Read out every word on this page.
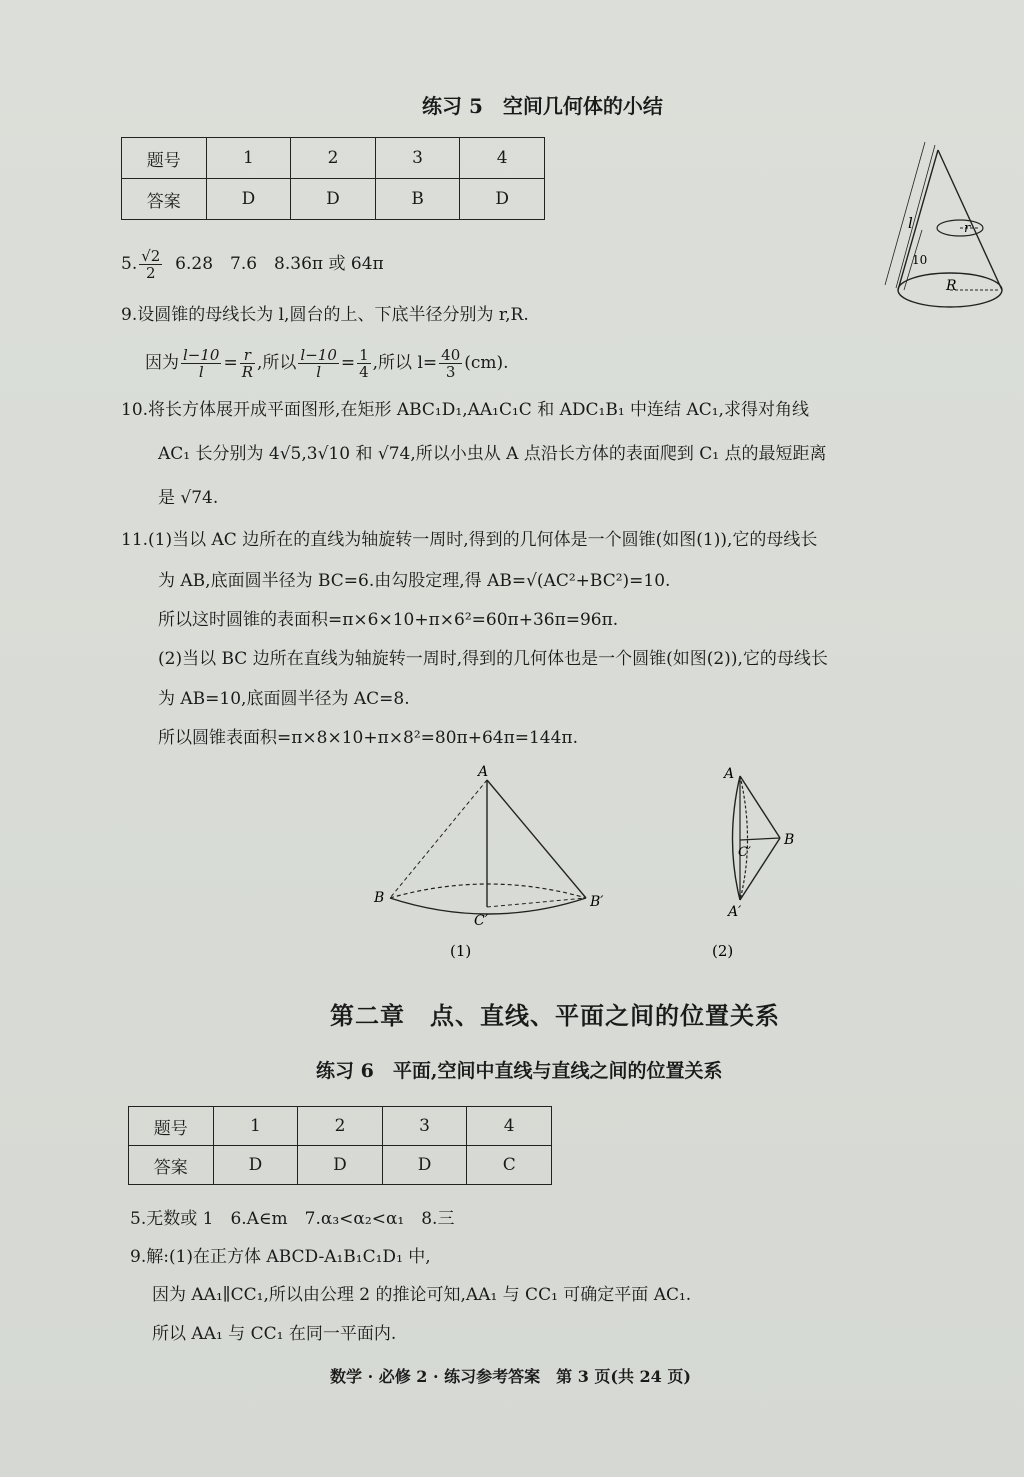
练习 5　空间几何体的小结
题号	1	2	3	4
答案	D	D	B	D
l	r
10
R
5. $\frac{√2}{2} 6.28$　7.6　8.36π 或 64π
9.设圆锥的母线长为 l,圆台的上、下底半径分别为 r,R.
因为 $\frac{l-10}{l} = \frac{r}{R}$ ,所以 $\frac{l-10}{l} = \frac{1}{4}$ ,所以 $l= \frac{40}{3} (cm)$.
10.将长方体展开成平面图形,在矩形 ABC₁D₁,AA₁C₁C 和 ADC₁B₁ 中连结 AC₁,求得对角线
AC₁ 长分别为 4√5,3√10 和 √74,所以小虫从 A 点沿长方体的表面爬到 C₁ 点的最短距离
是 √74.
11.(1)当以 AC 边所在的直线为轴旋转一周时,得到的几何体是一个圆锥(如图(1)),它的母线长
为 AB,底面圆半径为 BC=6.由勾股定理,得 AB=√(AC²+BC²)=10.
所以这时圆锥的表面积=π×6×10+π×6²=60π+36π=96π.
(2)当以 BC 边所在直线为轴旋转一周时,得到的几何体也是一个圆锥(如图(2)),它的母线长
为 AB=10,底面圆半径为 AC=8.
所以圆锥表面积=π×8×10+π×8²=80π+64π=144π.
A
B	B′
C′
(1)
A
B
C′
A′
(2)
第二章　点、直线、平面之间的位置关系
练习 6　平面,空间中直线与直线之间的位置关系
题号	1	2	3	4
答案	D	D	D	C
5.无数或 1　6.A∈m　7.α₃<α₂<α₁　8.三
9.解:(1)在正方体 ABCD-A₁B₁C₁D₁ 中,
因为 AA₁∥CC₁,所以由公理 2 的推论可知,AA₁ 与 CC₁ 可确定平面 AC₁.
所以 AA₁ 与 CC₁ 在同一平面内.
数学 · 必修 2 · 练习参考答案　第 3 页(共 24 页)
